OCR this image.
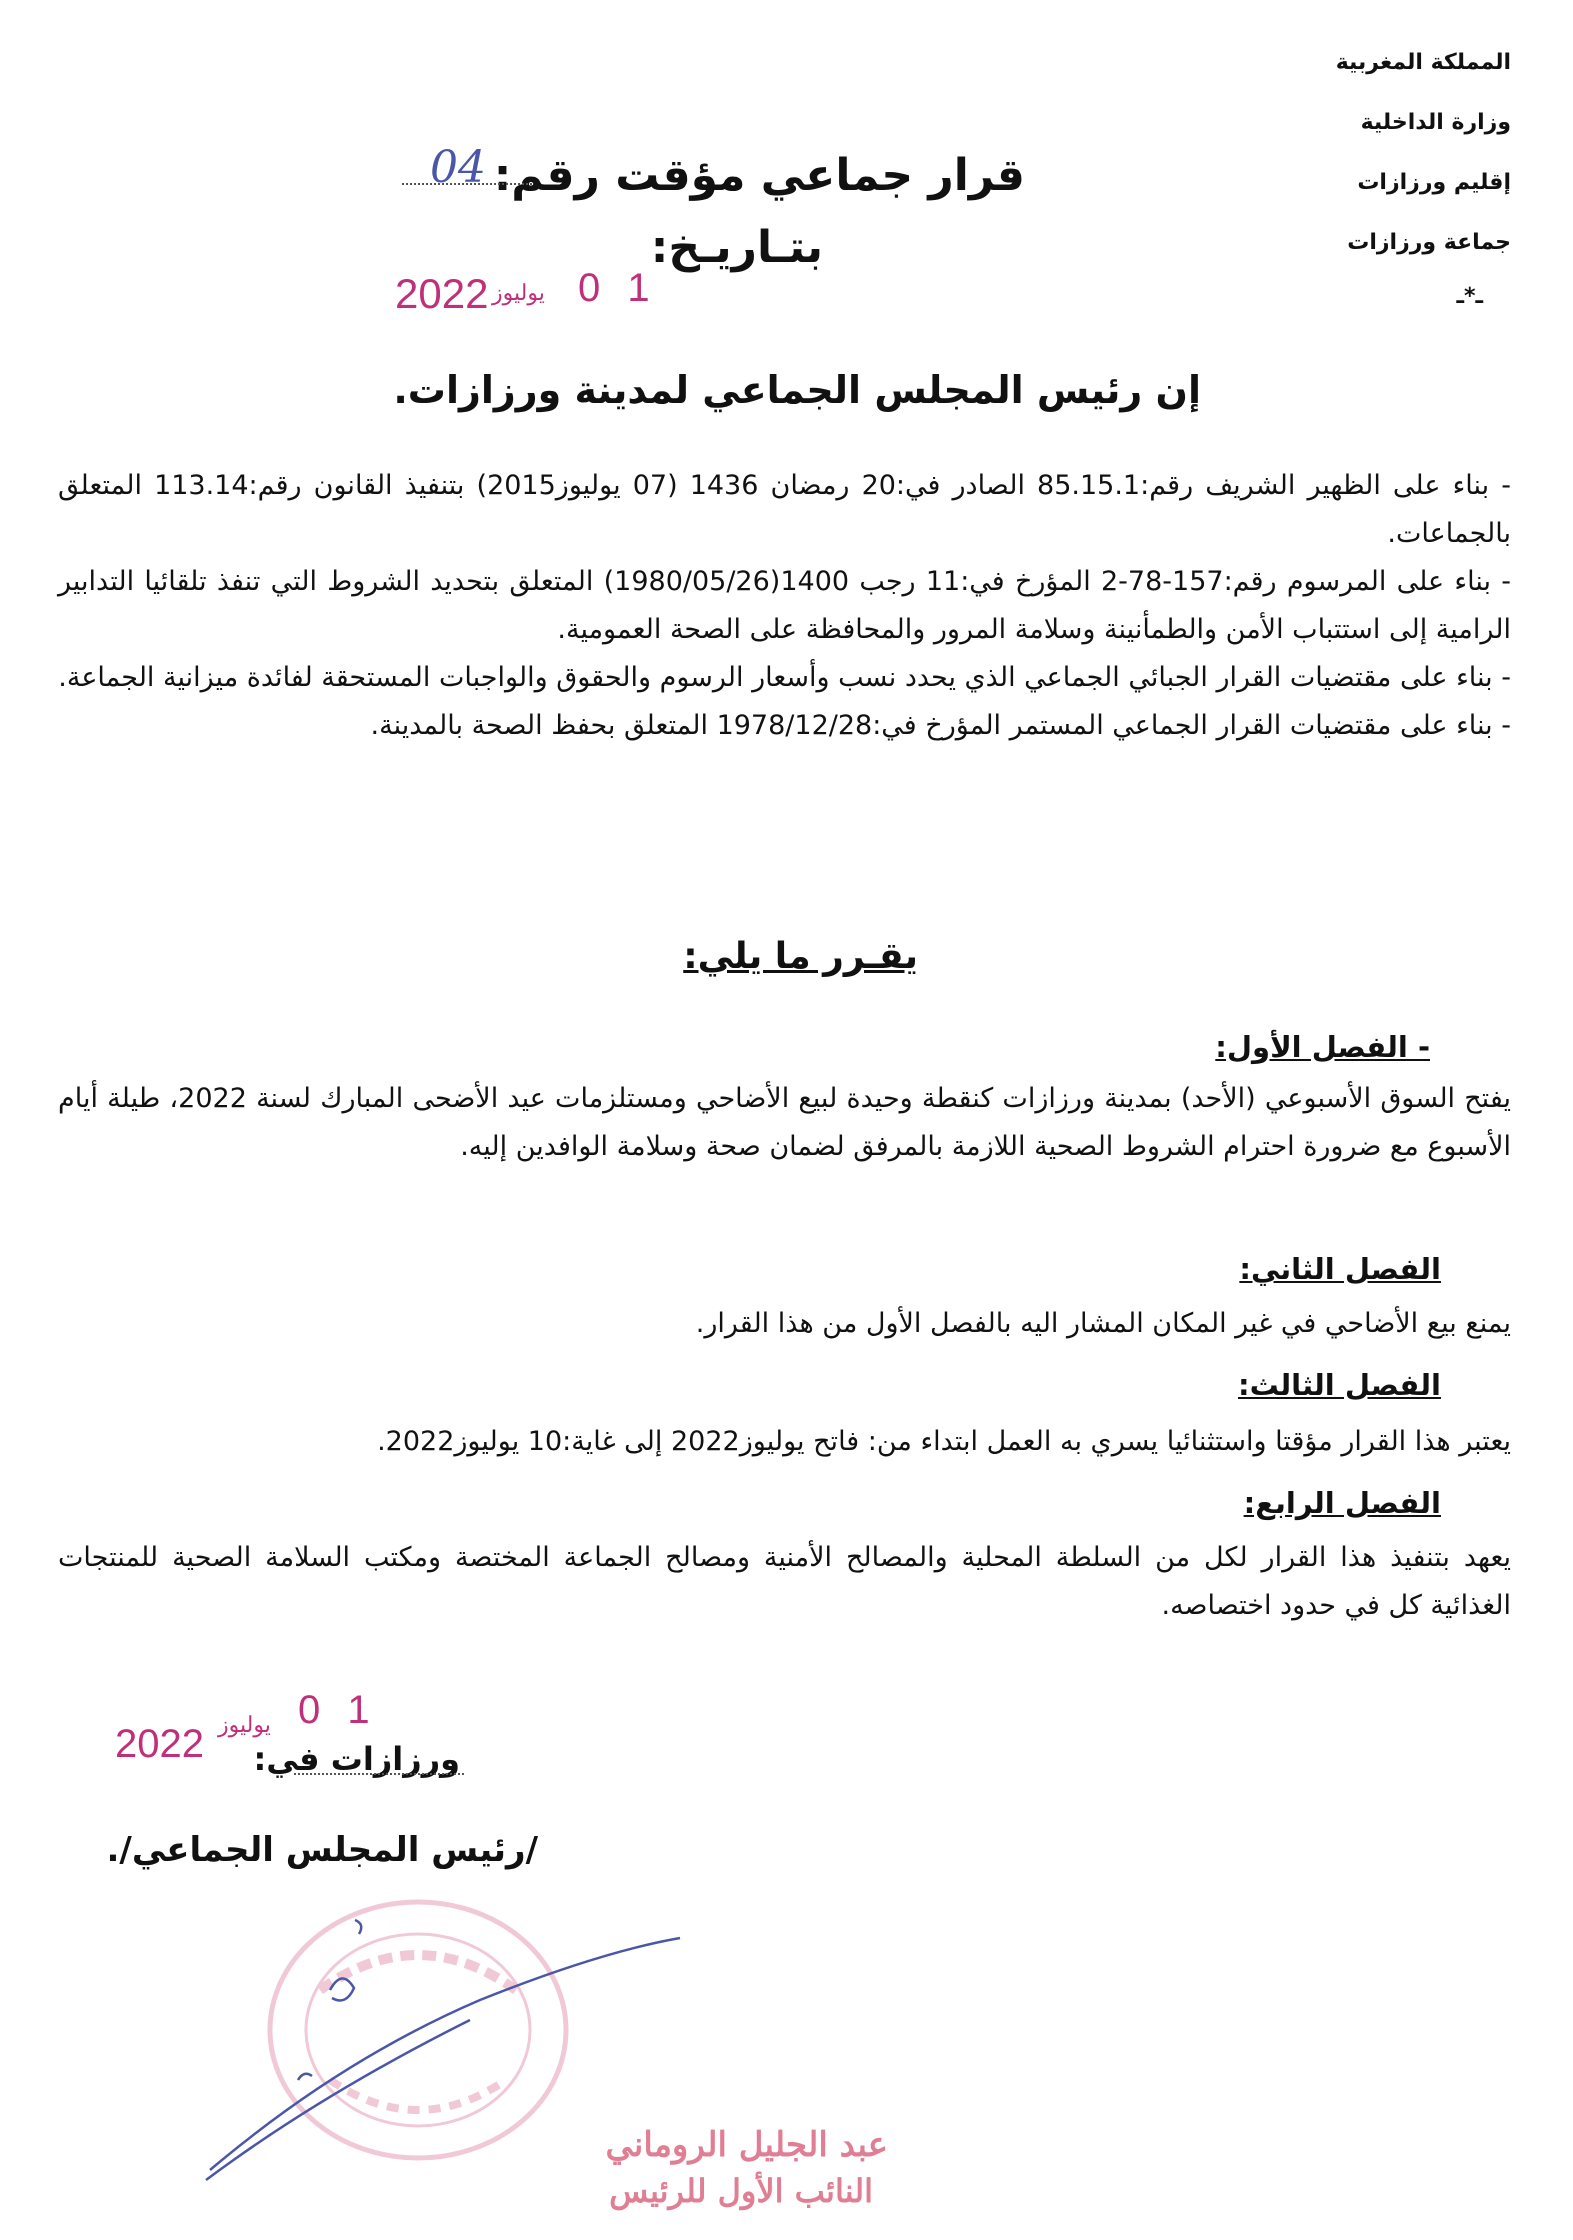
المملكة المغربية
وزارة الداخلية
إقليم ورزازات
جماعة ورزازات
ـ*ـ
قرار جماعي مؤقت رقم:
04
بتـاريـخ:
2022 يوليوز 0 1
إن رئيس المجلس الجماعي لمدينة ورزازات.

- بناء على الظهير الشريف رقم:85.15.1 الصادر في:20 رمضان 1436 (07 يوليوز2015) بتنفيذ القانون رقم:113.14 المتعلق بالجماعات.

- بناء على المرسوم رقم:157-78-2 المؤرخ في:11 رجب 1400(1980/05/26) المتعلق بتحديد الشروط التي تنفذ تلقائيا التدابير الرامية إلى استتباب الأمن والطمأنينة وسلامة المرور والمحافظة على الصحة العمومية.

- بناء على مقتضيات القرار الجبائي الجماعي الذي يحدد نسب وأسعار الرسوم والحقوق والواجبات المستحقة لفائدة ميزانية الجماعة.

- بناء على مقتضيات القرار الجماعي المستمر المؤرخ في:1978/12/28 المتعلق بحفظ الصحة بالمدينة.

يقـرر ما يلي:
- الفصل الأول:
يفتح السوق الأسبوعي (الأحد) بمدينة ورزازات كنقطة وحيدة لبيع الأضاحي ومستلزمات عيد الأضحى المبارك لسنة 2022، طيلة أيام الأسبوع مع ضرورة احترام الشروط الصحية اللازمة بالمرفق لضمان صحة وسلامة الوافدين إليه.
الفصل الثاني:
يمنع بيع الأضاحي في غير المكان المشار اليه بالفصل الأول من هذا القرار.
الفصل الثالث:
يعتبر هذا القرار مؤقتا واستثنائيا يسري به العمل ابتداء من: فاتح يوليوز2022 إلى غاية:10 يوليوز2022.
الفصل الرابع:
يعهد بتنفيذ هذا القرار لكل من السلطة المحلية والمصالح الأمنية ومصالح الجماعة المختصة ومكتب السلامة الصحية للمنتجات الغذائية كل في حدود اختصاصه.
ورزازات في:
2022 يوليوز 0 1
/رئيس المجلس الجماعي/.
عبد الجليل الروماني
النائب الأول للرئيس
